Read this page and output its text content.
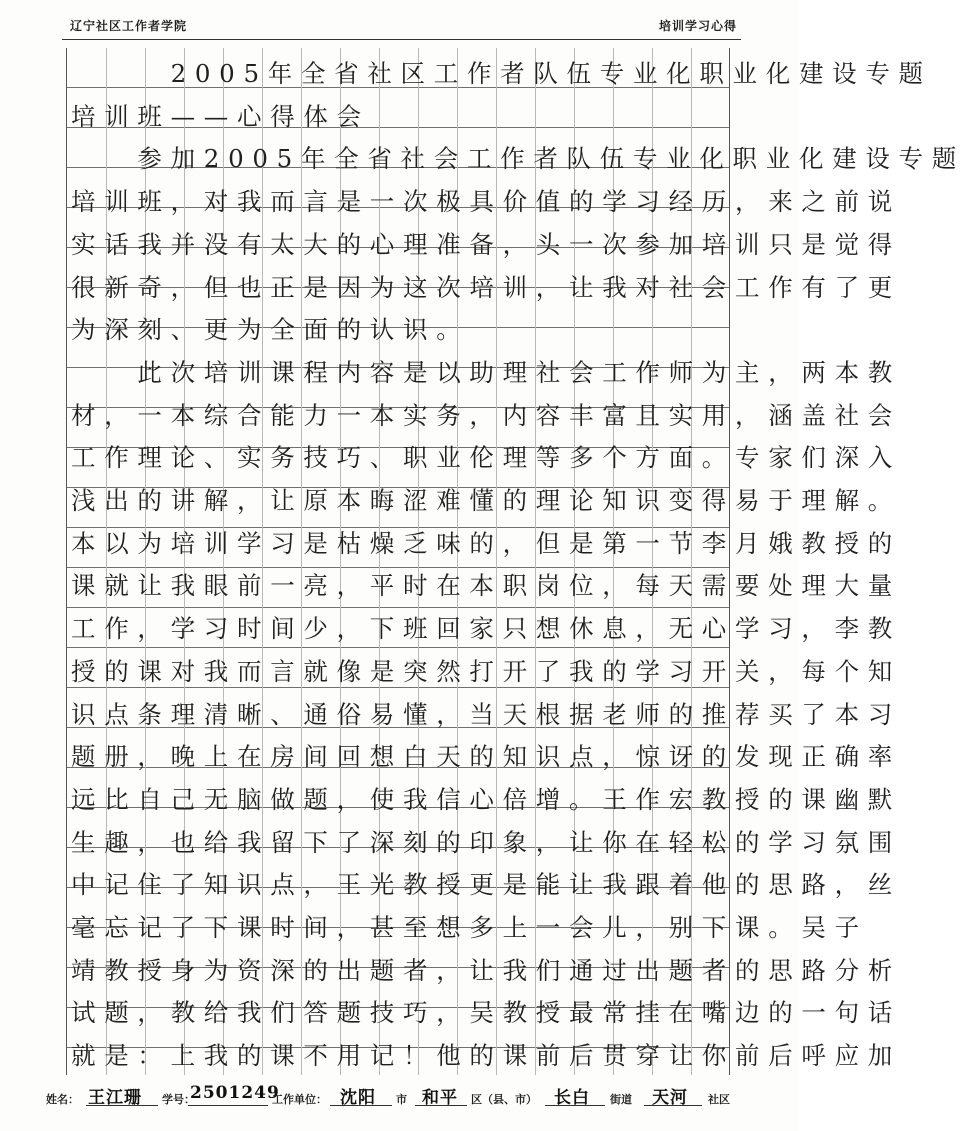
辽宁社区工作者学院	培训学习心得
　　　2005年全省社区工作者队伍专业化职业化建设专题
培训班——心得体会
　　参加2005年全省社会工作者队伍专业化职业化建设专题
培训班，对我而言是一次极具价值的学习经历，来之前说
实话我并没有太大的心理准备，头一次参加培训只是觉得
很新奇，但也正是因为这次培训，让我对社会工作有了更
为深刻、更为全面的认识。
　　此次培训课程内容是以助理社会工作师为主，两本教
材，一本综合能力一本实务，内容丰富且实用，涵盖社会
工作理论、实务技巧、职业伦理等多个方面。专家们深入
浅出的讲解，让原本晦涩难懂的理论知识变得易于理解。
本以为培训学习是枯燥乏味的，但是第一节李月娥教授的
课就让我眼前一亮，平时在本职岗位，每天需要处理大量
工作，学习时间少，下班回家只想休息，无心学习，李教
授的课对我而言就像是突然打开了我的学习开关，每个知
识点条理清晰、通俗易懂，当天根据老师的推荐买了本习
题册，晚上在房间回想白天的知识点，惊讶的发现正确率
远比自己无脑做题，使我信心倍增。王作宏教授的课幽默
生趣，也给我留下了深刻的印象，让你在轻松的学习氛围
中记住了知识点，王光教授更是能让我跟着他的思路，丝
毫忘记了下课时间，甚至想多上一会儿，别下课。吴子
靖教授身为资深的出题者，让我们通过出题者的思路分析
试题，教给我们答题技巧，吴教授最常挂在嘴边的一句话
就是：上我的课不用记！他的课前后贯穿让你前后呼应加
姓名： 王江珊 学号：
2501249
工作单位： 沈阳 市 和平 区（县、市） 长白 街道 天河 社区
